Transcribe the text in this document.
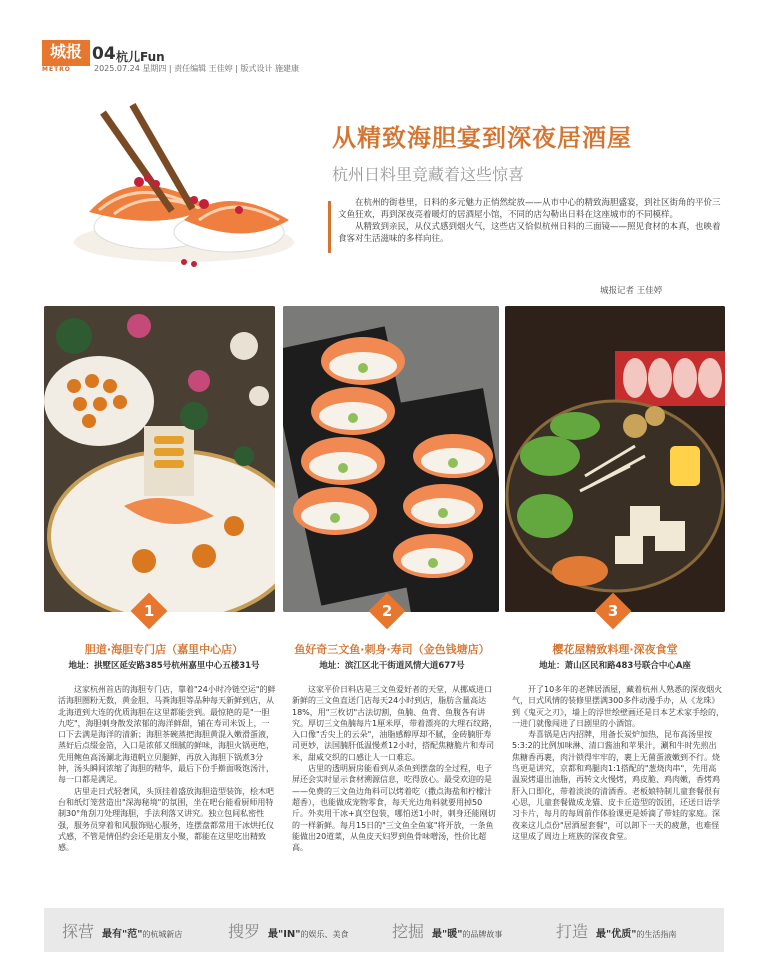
城报
METRO
04 杭儿Fun
2025.07.24 星期四 | 责任编辑 王佳婷 | 版式设计 施建康
从精致海胆宴到深夜居酒屋
杭州日料里竟藏着这些惊喜

在杭州的街巷里，日料的多元魅力正悄然绽放——从市中心的精致海胆盛宴，到社区街角的平价三文鱼狂欢，再到深夜亮着暖灯的居酒屋小馆，不同的店勾勒出日料在这座城市的不同模样。

从精致到亲民，从仪式感到烟火气，这些店又恰似杭州日料的三面镜——照见食材的本真，也映着食客对生活滋味的多样向往。

城报记者 王佳婷
1	2	3
胆道·海胆专门店（嘉里中心店）
地址：拱墅区延安路385号杭州嘉里中心五楼31号

这家杭州首店的海胆专门店，靠着"24小时冷链空运"的鲜活海胆圈粉无数，黄金胆、马粪海胆等品种每天新鲜到店，从北海道到大连的优质海胆在这里都能尝到。最惊艳的是"一胆九吃"，海胆刺身散发浓郁的海洋鲜甜，铺在寿司米饭上，一口下去满是海洋的清新；海胆茶碗蒸把海胆黄混入嫩滑蛋液，蒸好后点缀金箔，入口是浓郁又细腻的鲜味，海胆火锅更绝，先用鲍鱼高汤涮北海道帆立贝腿鲜，再放入海胆下锅煮3分钟，汤头瞬间浓缩了海胆的精华，最后下份手擀面吸饱汤汁，每一口都是满足。

店里走日式轻奢风，头顶挂着盛放海胆造型装饰，桧木吧台和纸灯笼营造出"深海秘境"的氛围，坐在吧台能看厨师用特制30°角刮刀处理海胆，手法利落又讲究。独立包间私密性强，服务员穿着和风服饰贴心服务，连摆盘都常用干冰烘托仪式感，不管是情侣约会还是朋友小聚，都能在这里吃出精致感。

鱼好奇三文鱼·刺身·寿司（金色钱塘店）
地址：滨江区北干街道风情大道677号

这家平价日料店是三文鱼爱好者的天堂，从挪威进口新鲜的三文鱼直送门店每天24小时到店，脂肪含量高达18%，用"三枚切"古法切割，鱼腩、鱼背、鱼腹各有讲究。厚切三文鱼腩每片1厘米厚，带着漂亮的大理石纹路，入口像"舌尖上的云朵"，油脂感醇厚却不腻，金砖腩肝寿司更妙，法国腩肝低温慢煮12小时，搭配焦糖脆片和寿司米，甜咸交织的口感让人一口难忘。

店里的透明厨房能看到从杀鱼到摆盘的全过程，电子屏还会实时显示食材溯源信息，吃得放心。最受欢迎的是——免费的三文鱼边角料可以烤着吃（撒点海盐和柠檬汁超香），也能做成宠物零食，每天光边角料就要用掉50斤。外卖用干冰+真空包装，哪怕送1小时，刺身还能刚切的一样新鲜。每月15日的"三文鱼全鱼宴"将开放，一条鱼能做出20道菜，从鱼皮天妇罗到鱼骨味噌汤，性价比超高。

樱花屋精致料理·深夜食堂
地址：萧山区民和路483号联合中心A座

开了10多年的老牌居酒屋，藏着杭州人熟悉的深夜烟火气，日式风情的装修里摆满300多件动漫手办，从《龙珠》到《鬼灭之刃》，墙上的浮世绘壁画还是日本艺术家手绘的，一进门就像闯进了日剧里的小酒馆。

寿喜锅是店内招牌，用备长炭炉加热，昆布高汤里按5:3:2的比例加味淋、清口酱油和苹果汁，涮和牛时先煎出焦糖香再裹，肉汁锁得牢牢的，裹上无菌蛋液嫩到不行。烧鸟更是讲究，京都和鸡腿肉1:1搭配的"葱烧肉串"，先用高温炭烤逼出油脂，再转文火慢烤，鸡皮脆、鸡肉嫩，香烤鸡肝入口即化，带着淡淡的清酒香。老板娘特制儿童套餐很有心思，儿童套餐做成龙猫、皮卡丘造型的饭团，还送日语学习卡片，每月的每周前作体验课更是娇滴了带娃的家庭。深夜来这儿点份"居酒屋套餐"，可以卸下一天的疲惫，也难怪这里成了周边上班族的深夜食堂。

探营 最有"范"的杭城新店	搜罗 最"IN"的娱乐、美食	挖掘 最"暖"的品牌故事	打造 最"优质"的生活指南
